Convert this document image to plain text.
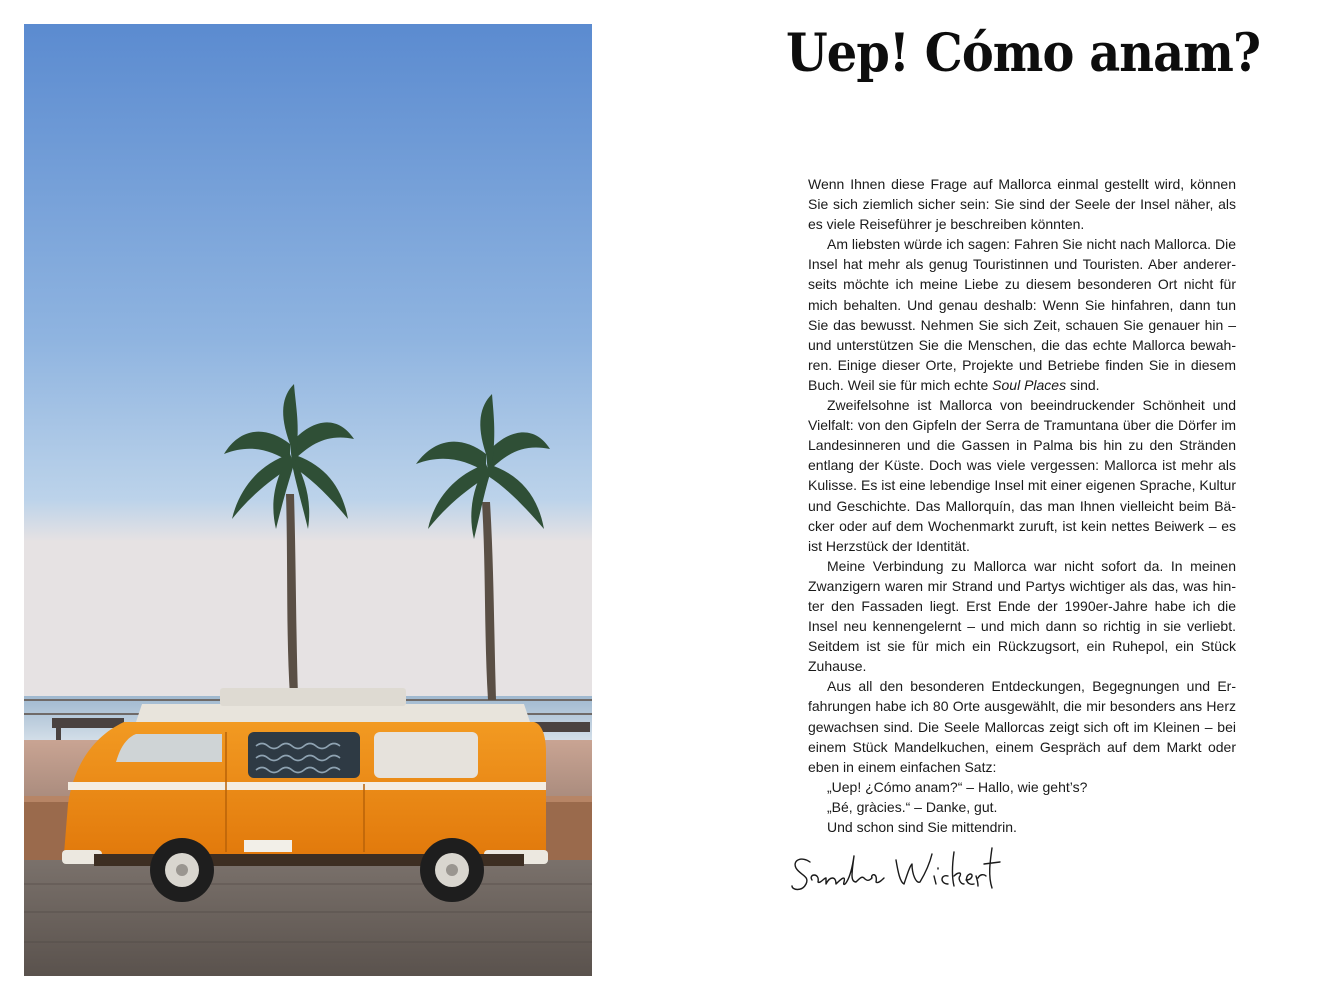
Uep! Cómo anam?

Wenn Ihnen diese Frage auf Mallorca einmal gestellt wird, können Sie sich ziemlich sicher sein: Sie sind der Seele der Insel näher, als es viele Reiseführer je beschreiben könnten.

Am liebsten würde ich sagen: Fahren Sie nicht nach Mallorca. Die Insel hat mehr als genug Touristinnen und Touristen. Aber andererseits möchte ich meine Liebe zu diesem besonderen Ort nicht für mich behalten. Und genau deshalb: Wenn Sie hinfahren, dann tun Sie das bewusst. Nehmen Sie sich Zeit, schauen Sie genauer hin – und unterstützen Sie die Menschen, die das echte Mallorca bewahren. Einige dieser Orte, Projekte und Betriebe finden Sie in diesem Buch. Weil sie für mich echte Soul Places sind.

Zweifelsohne ist Mallorca von beeindruckender Schönheit und Vielfalt: von den Gipfeln der Serra de Tramuntana über die Dörfer im Landesinneren und die Gassen in Palma bis hin zu den Stränden entlang der Küste. Doch was viele vergessen: Mallorca ist mehr als Kulisse. Es ist eine lebendige Insel mit einer eigenen Sprache, Kultur und Geschichte. Das Mallorquín, das man Ihnen vielleicht beim Bäcker oder auf dem Wochenmarkt zuruft, ist kein nettes Beiwerk – es ist Herzstück der Identität.

Meine Verbindung zu Mallorca war nicht sofort da. In meinen Zwanzigern waren mir Strand und Partys wichtiger als das, was hinter den Fassaden liegt. Erst Ende der 1990er-Jahre habe ich die Insel neu kennengelernt – und mich dann so richtig in sie verliebt. Seitdem ist sie für mich ein Rückzugsort, ein Ruhepol, ein Stück Zuhause.

Aus all den besonderen Entdeckungen, Begegnungen und Erfahrungen habe ich 80 Orte ausgewählt, die mir besonders ans Herz gewachsen sind. Die Seele Mallorcas zeigt sich oft im Kleinen – bei einem Stück Mandelkuchen, einem Gespräch auf dem Markt oder eben in einem einfachen Satz:

„Uep! ¿Cómo anam?“ – Hallo, wie geht’s?

„Bé, gràcies.“ – Danke, gut.

Und schon sind Sie mittendrin.
